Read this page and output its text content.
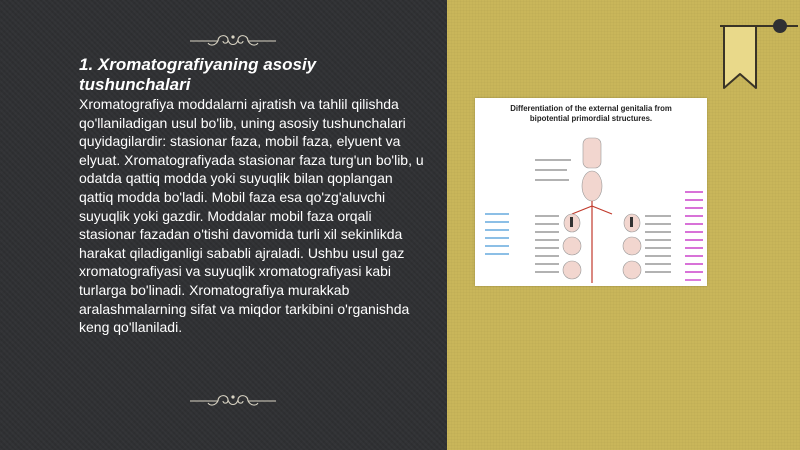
1. Xromatografiyaning asosiy tushunchalari

Xromatografiya moddalarni ajratish va tahlil qilishda qo'llaniladigan usul bo'lib, uning asosiy tushunchalari quyidagilardir: stasionar faza, mobil faza, elyuent va elyuat. Xromatografiyada stasionar faza turg'un bo'lib, u odatda qattiq modda yoki suyuqlik bilan qoplangan qattiq modda bo'ladi. Mobil faza esa qo'zg'aluvchi suyuqlik yoki gazdir. Moddalar mobil faza orqali stasionar fazadan o'tishi davomida turli xil sekinlikda harakat qiladiganligi sababli ajraladi. Ushbu usul gaz xromatografiyasi va suyuqlik xromatografiyasi kabi turlarga bo'linadi. Xromatografiya murakkab aralashmalarning sifat va miqdor tarkibini o'rganishda keng qo'llaniladi.

Differentiation of the external genitalia from
bipotential primordial structures.
